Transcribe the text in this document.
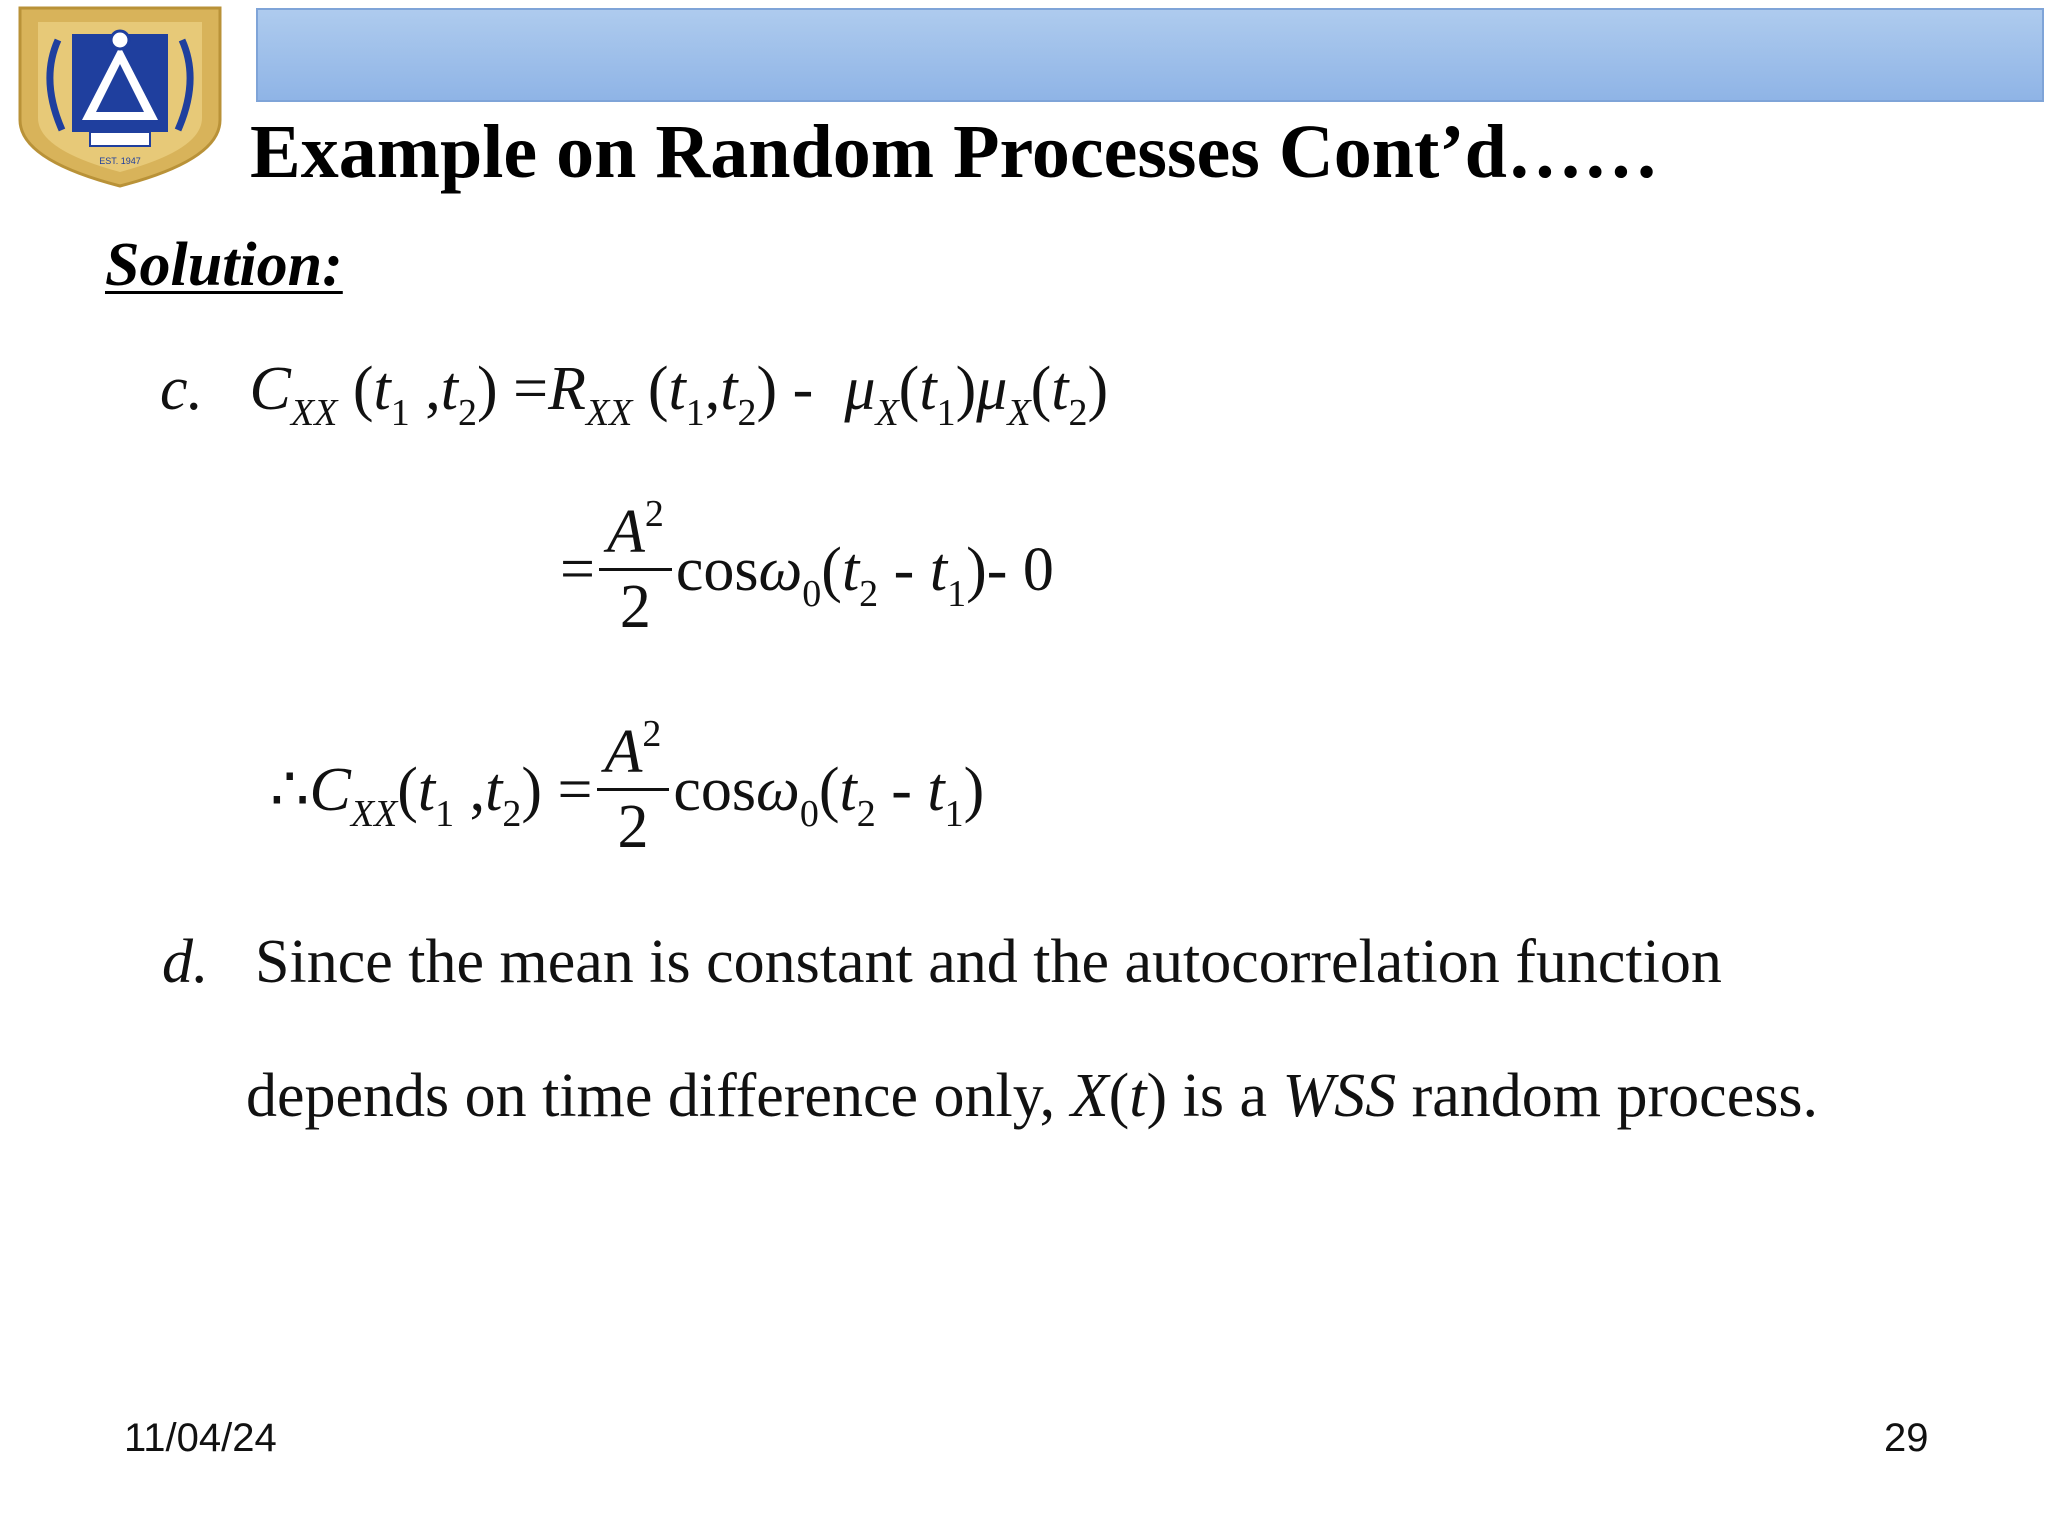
EST. 1947 Example on Random Processes Cont’d……
Solution:
c. $C_{XX}$ ($t_1$ $,t_2) =R_{XX}$ $(t_1,t_2) - \mu_X(t_1)\mu_X(t_2)$
= $\frac{A^2}{2} \cos\omega_0(t_2 - t_1)-$ 0
$\therefore C_{XX}(t_1$ $,t_2) = \frac{A^2}{2} \cos\omega_0(t_2 - t_1)$
d. Since the mean is constant and the autocorrelation function
depends on time difference only, X(t) is a WSS random process.
11/04/24	29
